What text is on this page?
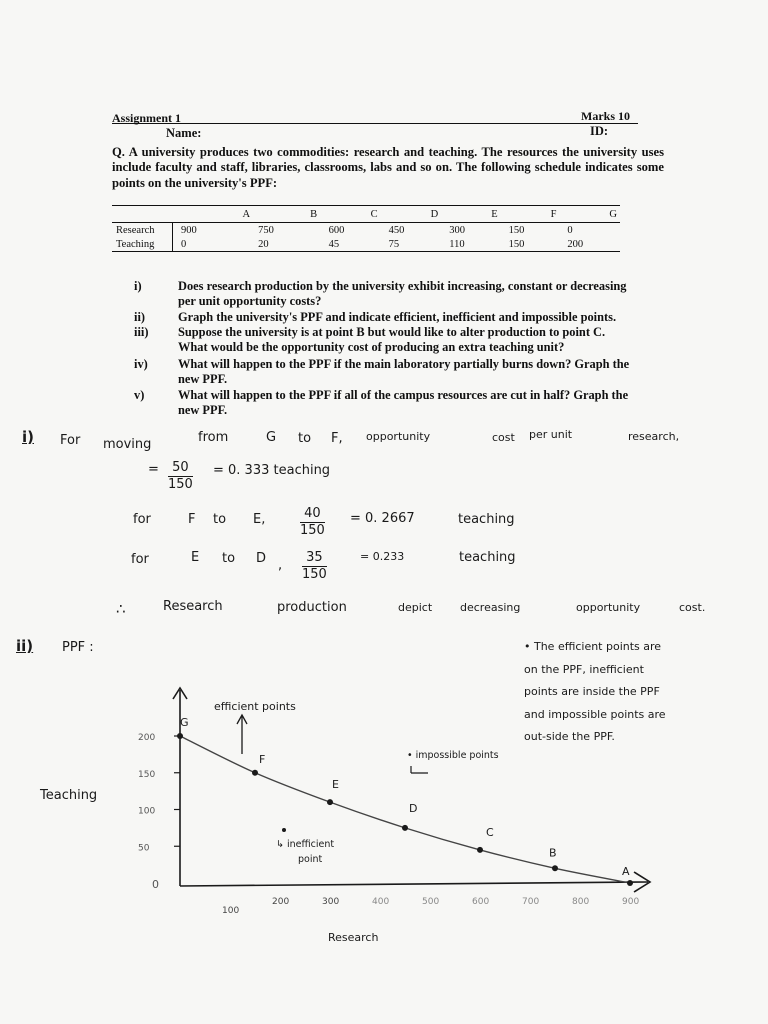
Assignment 1	Marks 10
Name:	ID:
Q. A university produces two commodities: research and teaching. The resources the university uses include faculty and staff, libraries, classrooms, labs and so on. The following schedule indicates some points on the university's PPF:
	A	B	C	D	E	F	G
Research	900	750	600	450	300	150	0
Teaching	0	20	45	75	110	150	200
i)	Does research production by the university exhibit increasing, constant or decreasing
per unit opportunity costs?
ii)	Graph the university's PPF and indicate efficient, inefficient and impossible points.
iii) Suppose the university is at point B but would like to alter production to point C.
What would be the opportunity cost of producing an extra teaching unit?
iv) What will happen to the PPF if the main laboratory partially burns down? Graph the
new PPF.
v)	What will happen to the PPF if all of the campus resources are cut in half? Graph the
new PPF.
i) For moving	from	G to F, opportunity	cost per unit	research,
= $\frac{50}{150} = 0$. 333 teaching
for	F to E,	$\frac{40}{150} = 0$. 2667	teaching
for	E to D , $\frac{35}{150}$	= 0.233	teaching
∴	Research	production	depict	decreasing	opportunity	cost.
ii) PPF :	• The efficient points are
on the PPF, inefficient
points are inside the PPF
and impossible points are
out-side the PPF.
G
F
E
D
C
B
A
0
50
100
150
200
100
200	300	400	500	600	700	800	900
efficient points
• impossible points
↳ inefficient
point
Teaching
Research
